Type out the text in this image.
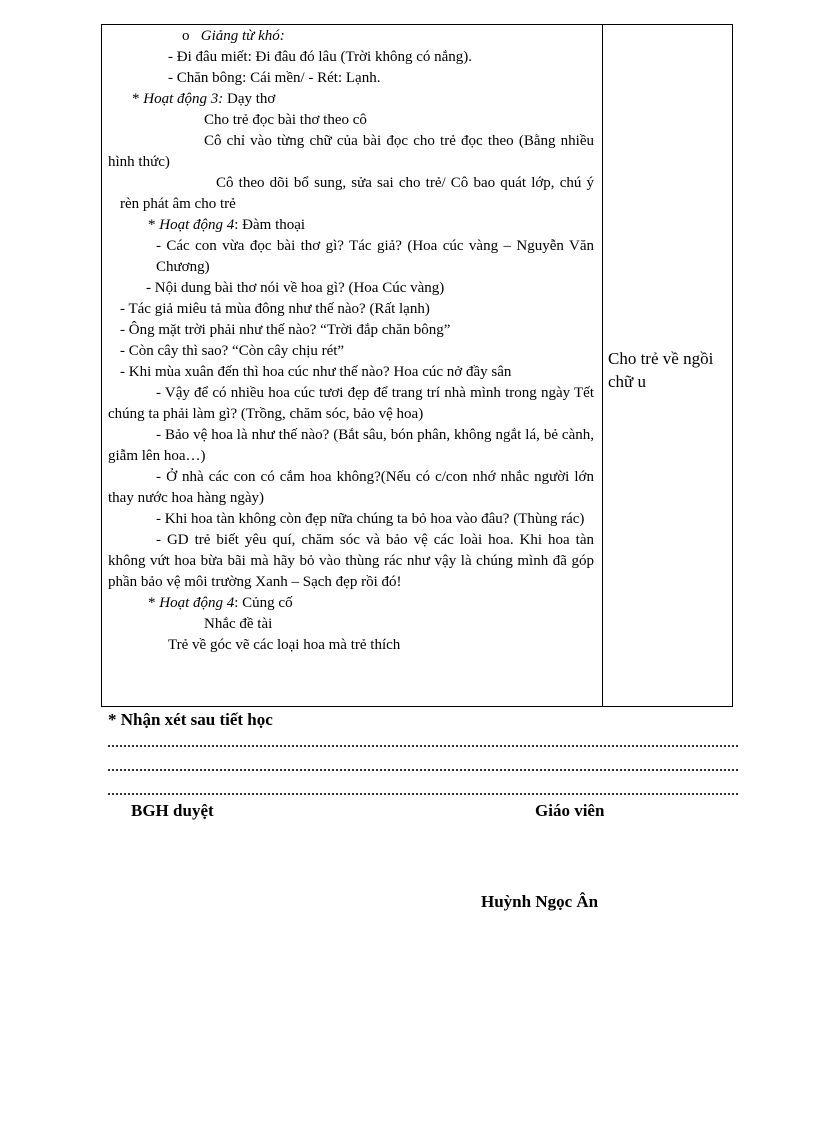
o Giảng từ khó:
- Đi đâu miết: Đi đâu đó lâu (Trời không có nắng).
- Chăn bông: Cái mền/ - Rét: Lạnh.
* Hoạt động 3: Dạy thơ
Cho trẻ đọc bài thơ theo cô
Cô chỉ vào từng chữ của bài đọc cho trẻ đọc theo (Bằng nhiều hình thức)
Cô theo dõi bổ sung, sửa sai cho trẻ/ Cô bao quát lớp, chú ý rèn phát âm cho trẻ
* Hoạt động 4: Đàm thoại
- Các con vừa đọc bài thơ gì? Tác giả? (Hoa cúc vàng – Nguyễn Văn Chương)
- Nội dung bài thơ nói về hoa gì? (Hoa Cúc vàng)
- Tác giả miêu tả mùa đông như thế nào? (Rất lạnh)
- Ông mặt trời phải như thế nào? “Trời đắp chăn bông”
- Còn cây thì sao? “Còn cây chịu rét”
- Khi mùa xuân đến thì hoa cúc như thế nào? Hoa cúc nở đầy sân
- Vậy để có nhiều hoa cúc tươi đẹp để trang trí nhà mình trong ngày Tết chúng ta phải làm gì? (Trồng, chăm sóc, bảo vệ hoa)
- Bảo vệ hoa là như thế nào? (Bắt sâu, bón phân, không ngắt lá, bẻ cành, giẫm lên hoa…)
- Ở nhà các con có cắm hoa không?(Nếu có c/con nhớ nhắc người lớn thay nước hoa hàng ngày)
- Khi hoa tàn không còn đẹp nữa chúng ta bỏ hoa vào đâu? (Thùng rác)
- GD trẻ biết yêu quí, chăm sóc và bảo vệ các loài hoa. Khi hoa tàn không vứt hoa bừa bãi mà hãy bỏ vào thùng rác như vậy là chúng mình đã góp phần bảo vệ môi trường Xanh – Sạch đẹp rồi đó!
* Hoạt động 4: Củng cố
Nhắc đề tài
Trẻ về góc vẽ các loại hoa mà trẻ thích
Cho trẻ về ngồi chữ u
* Nhận xét sau tiết học
BGH duyệt	Giáo viên
Huỳnh Ngọc Ân
